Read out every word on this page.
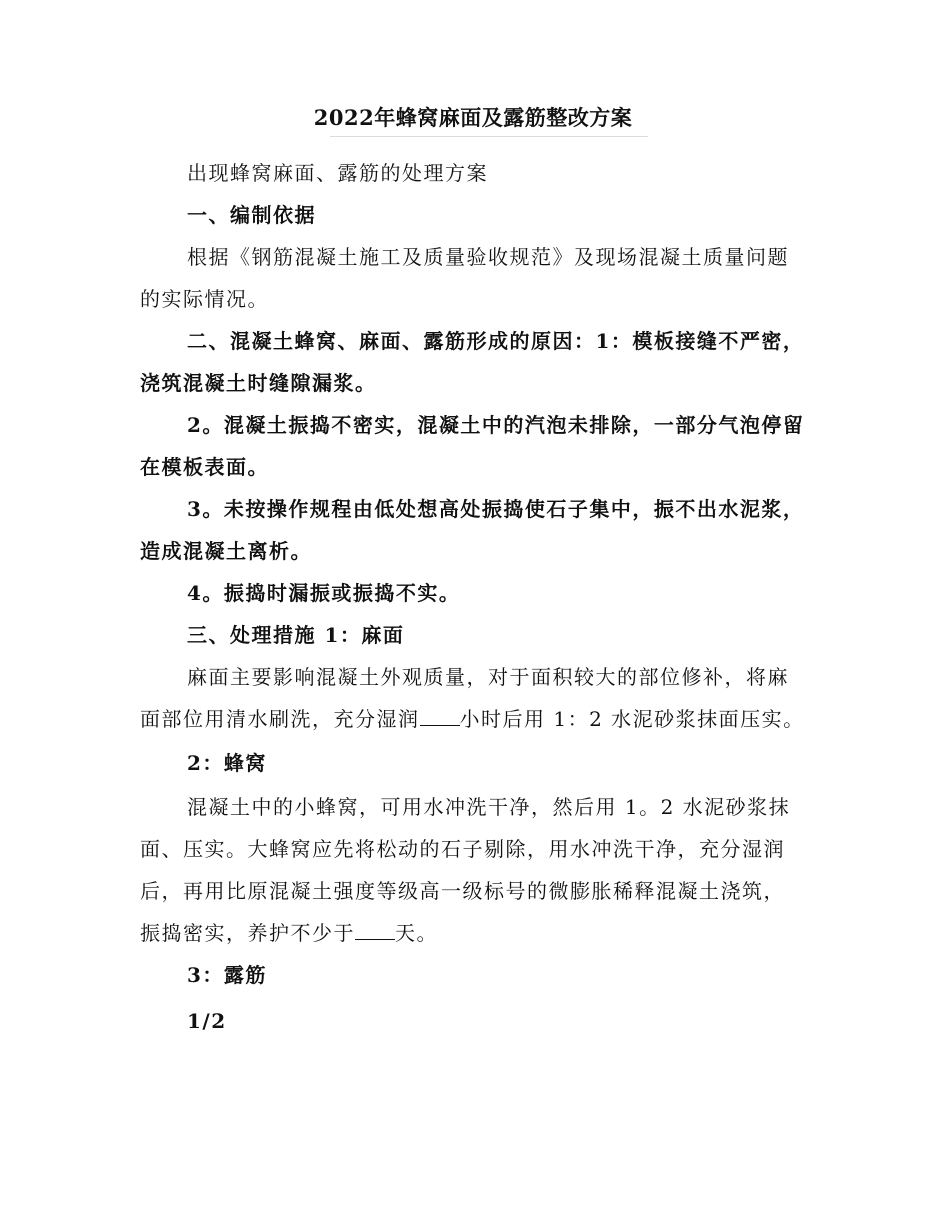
2022年蜂窝麻面及露筋整改方案

出现蜂窝麻面、露筋的处理方案

一、编制依据

根据《钢筋混凝土施工及质量验收规范》及现场混凝土质量问题
的实际情况。

二、混凝土蜂窝、麻面、露筋形成的原因：1：模板接缝不严密，
浇筑混凝土时缝隙漏浆。

2。混凝土振捣不密实，混凝土中的汽泡未排除，一部分气泡停留
在模板表面。

3。未按操作规程由低处想高处振捣使石子集中，振不出水泥浆，
造成混凝土离析。

4。振捣时漏振或振捣不实。

三、处理措施 1：麻面

麻面主要影响混凝土外观质量，对于面积较大的部位修补，将麻
面部位用清水刷洗，充分湿润 小时后用 1：2 水泥砂浆抹面压实。

2：蜂窝

混凝土中的小蜂窝，可用水冲洗干净，然后用 1。2 水泥砂浆抹
面、压实。大蜂窝应先将松动的石子剔除，用水冲洗干净，充分湿润
后，再用比原混凝土强度等级高一级标号的微膨胀稀释混凝土浇筑，
振捣密实，养护不少于 天。

3：露筋

1/2
